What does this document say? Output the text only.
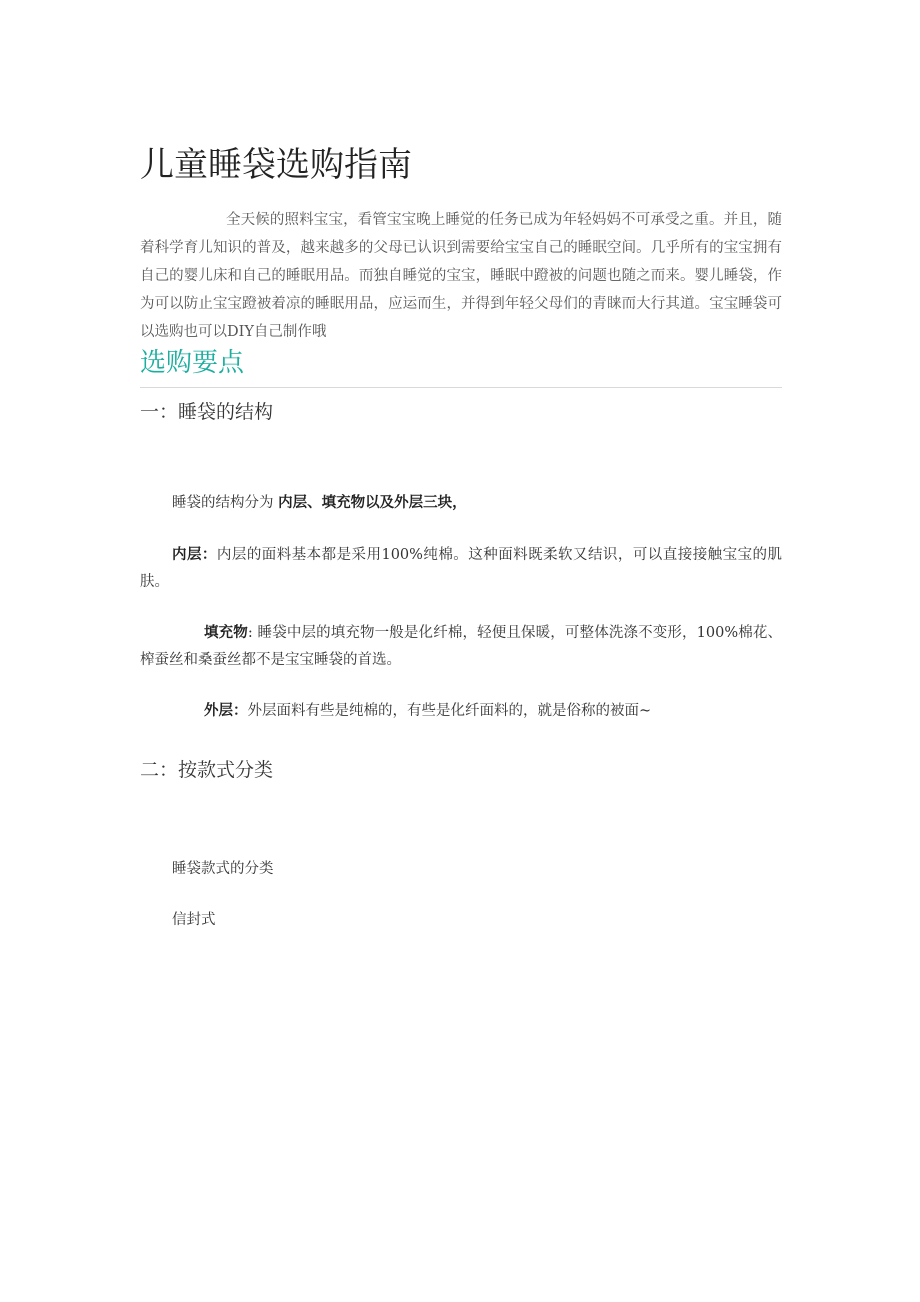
儿童睡袋选购指南

全天候的照料宝宝，看管宝宝晚上睡觉的任务已成为年轻妈妈不可承受之重。并且，随着科学育儿知识的普及，越来越多的父母已认识到需要给宝宝自己的睡眠空间。几乎所有的宝宝拥有自己的婴儿床和自己的睡眠用品。而独自睡觉的宝宝，睡眠中蹬被的问题也随之而来。婴儿睡袋，作为可以防止宝宝蹬被着凉的睡眠用品，应运而生，并得到年轻父母们的青睐而大行其道。宝宝睡袋可以选购也可以DIY自己制作哦

选购要点
一：睡袋的结构

睡袋的结构分为 内层、填充物以及外层三块，

内层：内层的面料基本都是采用100%纯棉。这种面料既柔软又结识，可以直接接触宝宝的肌肤。

填充物: 睡袋中层的填充物一般是化纤棉，轻便且保暖，可整体洗涤不变形，100%棉花、榨蚕丝和桑蚕丝都不是宝宝睡袋的首选。

外层：外层面料有些是纯棉的，有些是化纤面料的，就是俗称的被面~

二：按款式分类

睡袋款式的分类

信封式
